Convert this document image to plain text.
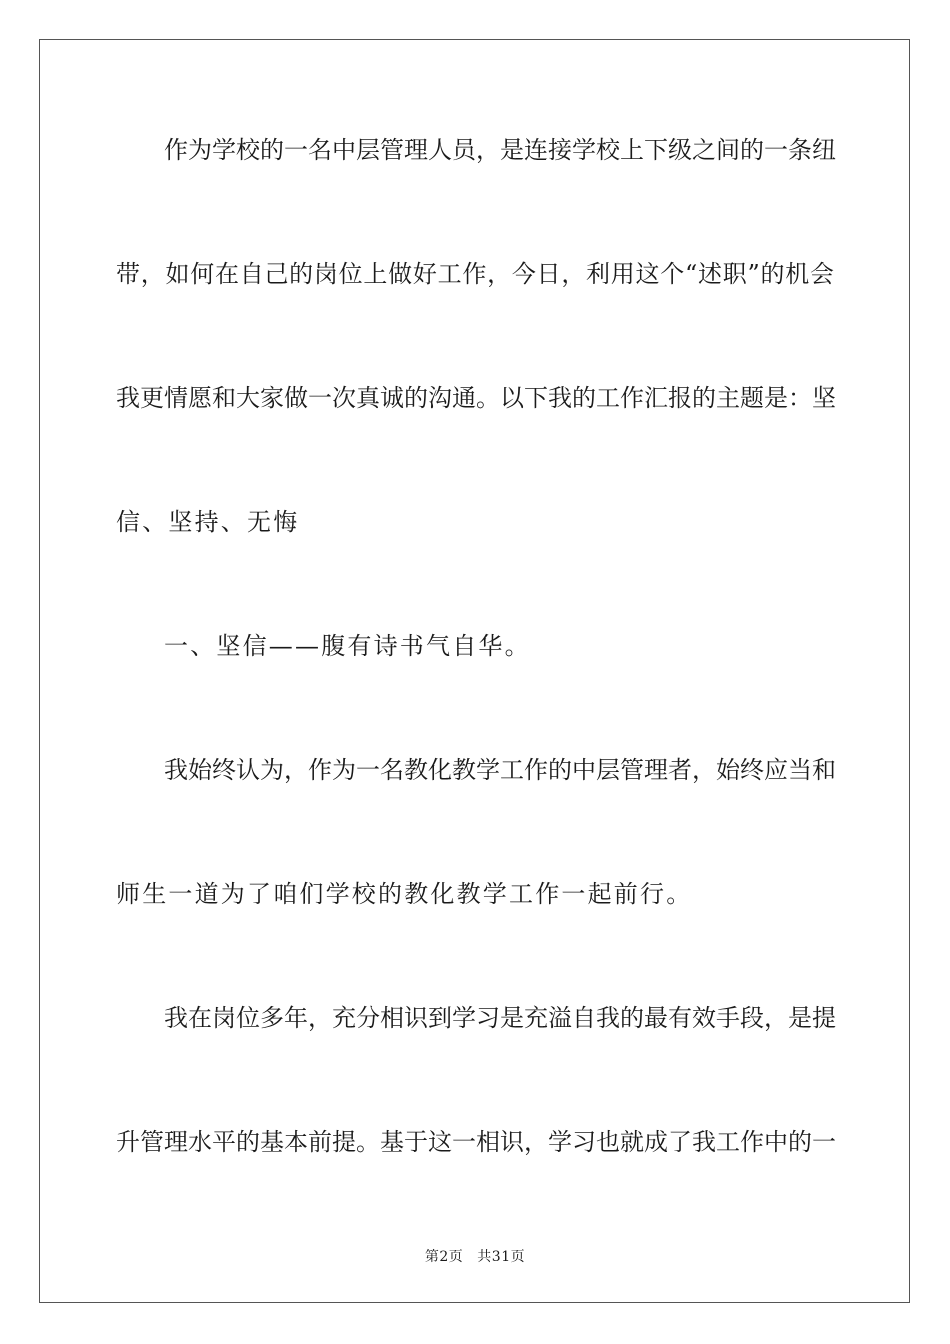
作为学校的一名中层管理人员，是连接学校上下级之间的一条纽
带，如何在自己的岗位上做好工作，今日，利用这个“述职”的机会
我更情愿和大家做一次真诚的沟通。以下我的工作汇报的主题是：坚
信、坚持、无悔
一、坚信——腹有诗书气自华。
我始终认为，作为一名教化教学工作的中层管理者，始终应当和
师生一道为了咱们学校的教化教学工作一起前行。
我在岗位多年，充分相识到学习是充溢自我的最有效手段，是提
升管理水平的基本前提。基于这一相识，学习也就成了我工作中的一
第2页 共31页
